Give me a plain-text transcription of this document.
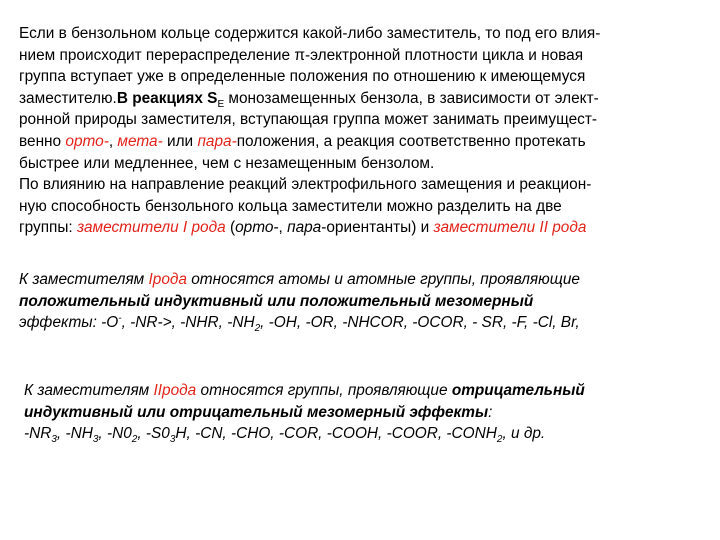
Если в бензольном кольце содержится какой-либо заместитель, то под его влия-
нием происходит перераспределение π-электронной плотности цикла и новая
группа вступает уже в определенные положения по отношению к имеющемуся
заместителю.В реакциях $S_E$ монозамещенных бензола, в зависимости от элект-
ронной природы заместителя, вступающая группа может занимать преимущест-
венно орто-, мета- или пара-положения, а реакция соответственно протекать
быстрее или медленнее, чем с незамещенным бензолом.
По влиянию на направление реакций электрофильного замещения и реакцион-
ную способность бензольного кольца заместители можно разделить на две
группы: заместители I рода (орто-, пара-ориентанты) и заместители II рода
К заместителям Iрода относятся атомы и атомные группы, проявляющие
положительный индуктивный или положительный мезомерный
эффекты: -O-, -NR->, -NHR, $-NH_2$, -OH, -OR, -NHCOR, -OCOR, - SR, -F, -Cl, Br,
К заместителям IIрода относятся группы, проявляющие отрицательный
индуктивный или отрицательный мезомерный эффекты:
$-NR_3$, $-NH_3$, $-N0_2$, $-S0_3H$, -CN, -CHO, -COR, -COOH, -COOR, $-CONH_2$, и др.
